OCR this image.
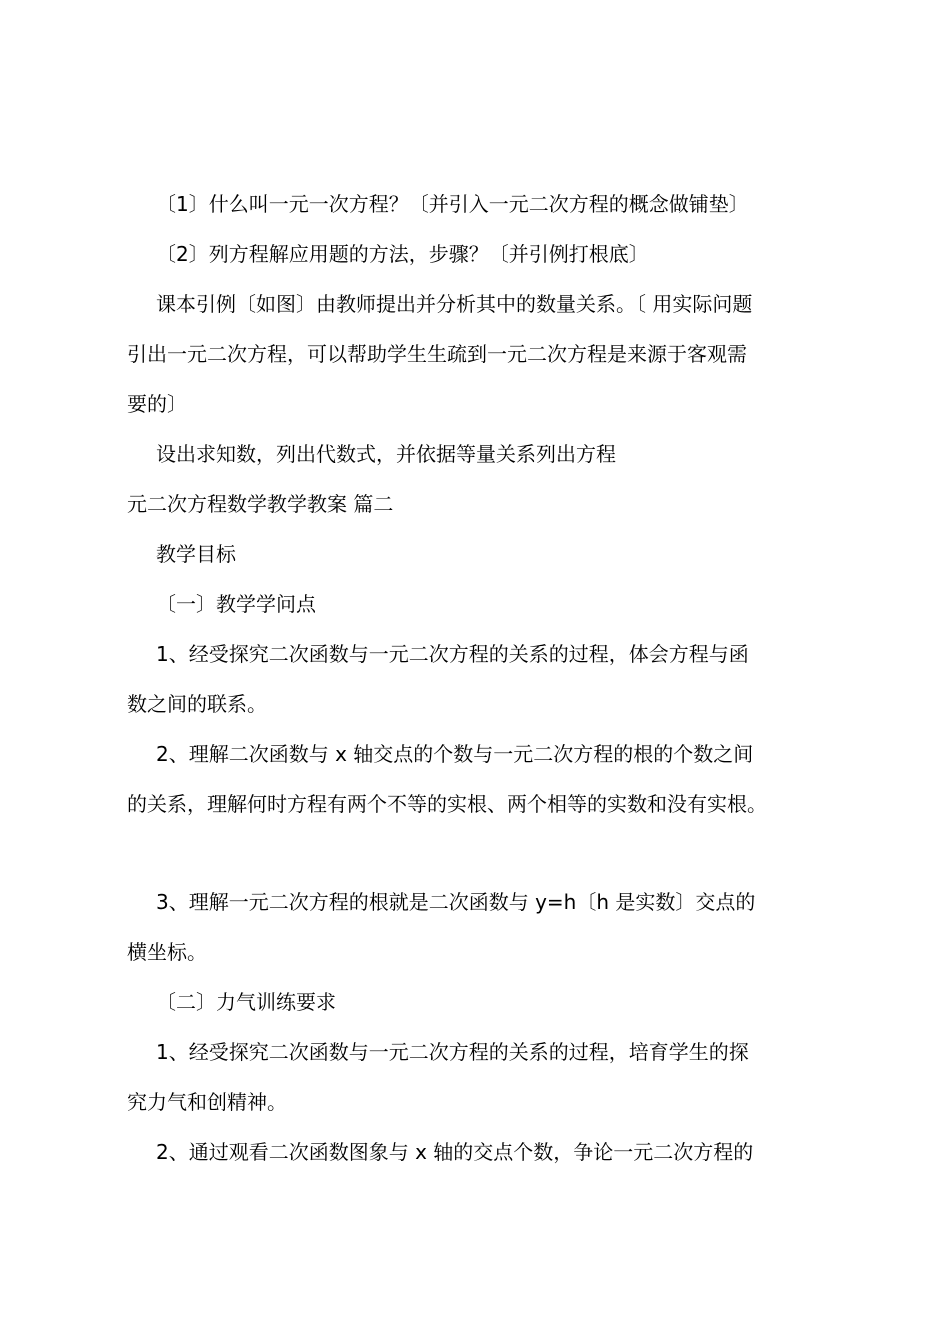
〔1〕什么叫一元一次方程？〔并引入一元二次方程的概念做铺垫〕
〔2〕列方程解应用题的方法，步骤？〔并引例打根底〕
课本引例〔如图〕由教师提出并分析其中的数量关系。〔 用实际问题
引出一元二次方程，可以帮助学生生疏到一元二次方程是来源于客观需
要的〕
设出求知数，列出代数式，并依据等量关系列出方程
元二次方程数学教学教案 篇二
教学目标
〔一〕教学学问点
1、经受探究二次函数与一元二次方程的关系的过程，体会方程与函
数之间的联系。
2、理解二次函数与 x 轴交点的个数与一元二次方程的根的个数之间
的关系，理解何时方程有两个不等的实根、两个相等的实数和没有实根。
3、理解一元二次方程的根就是二次函数与 y=h〔h 是实数〕交点的
横坐标。
〔二〕力气训练要求
1、经受探究二次函数与一元二次方程的关系的过程，培育学生的探
究力气和创精神。
2、通过观看二次函数图象与 x 轴的交点个数，争论一元二次方程的
